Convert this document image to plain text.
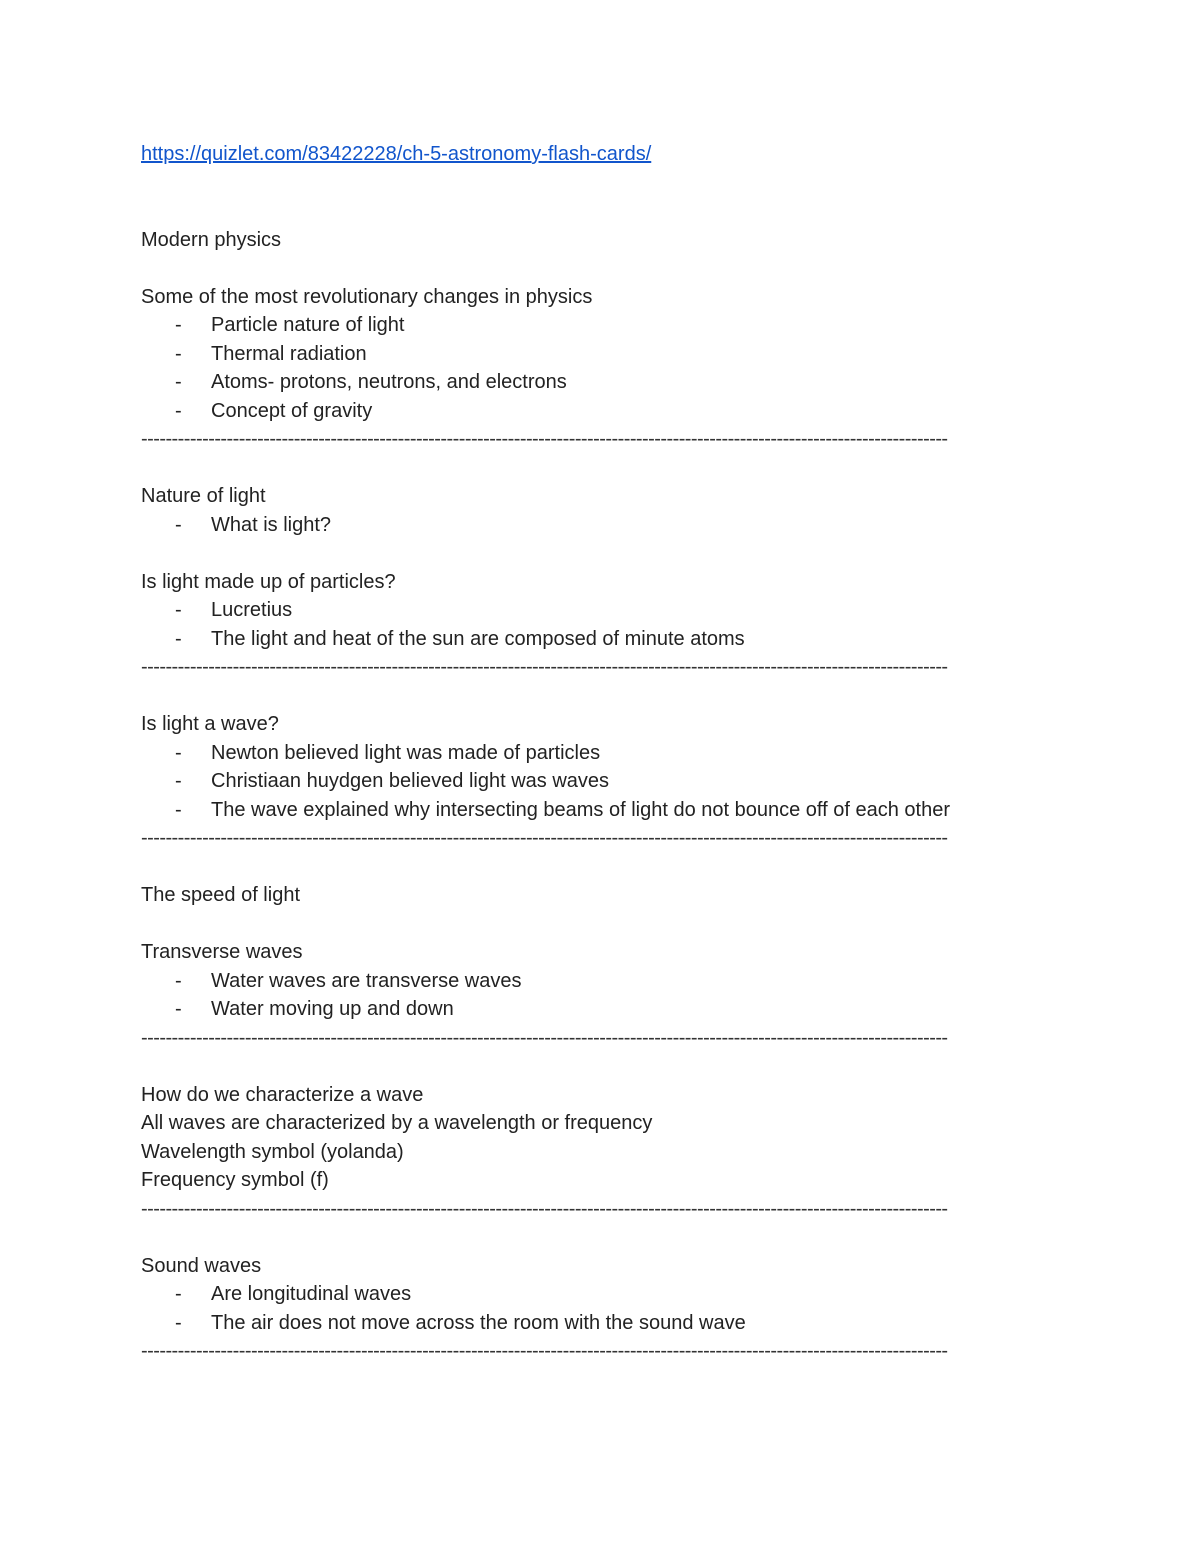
https://quizlet.com/83422228/ch-5-astronomy-flash-cards/
Modern physics
Some of the most revolutionary changes in physics
- Particle nature of light
- Thermal radiation
- Atoms- protons, neutrons, and electrons
- Concept of gravity
------------------------------------------------------------------------------------------------------------------------------------
Nature of light
- What is light?
Is light made up of particles?
- Lucretius
- The light and heat of the sun are composed of minute atoms
------------------------------------------------------------------------------------------------------------------------------------
Is light a wave?
- Newton believed light was made of particles
- Christiaan huydgen believed light was waves
- The wave explained why intersecting beams of light do not bounce off of each other
------------------------------------------------------------------------------------------------------------------------------------
The speed of light
Transverse waves
- Water waves are transverse waves
- Water moving up and down
------------------------------------------------------------------------------------------------------------------------------------
How do we characterize a wave
All waves are characterized by a wavelength or frequency
Wavelength symbol (yolanda)
Frequency symbol (f)
------------------------------------------------------------------------------------------------------------------------------------
Sound waves
- Are longitudinal waves
- The air does not move across the room with the sound wave
------------------------------------------------------------------------------------------------------------------------------------
